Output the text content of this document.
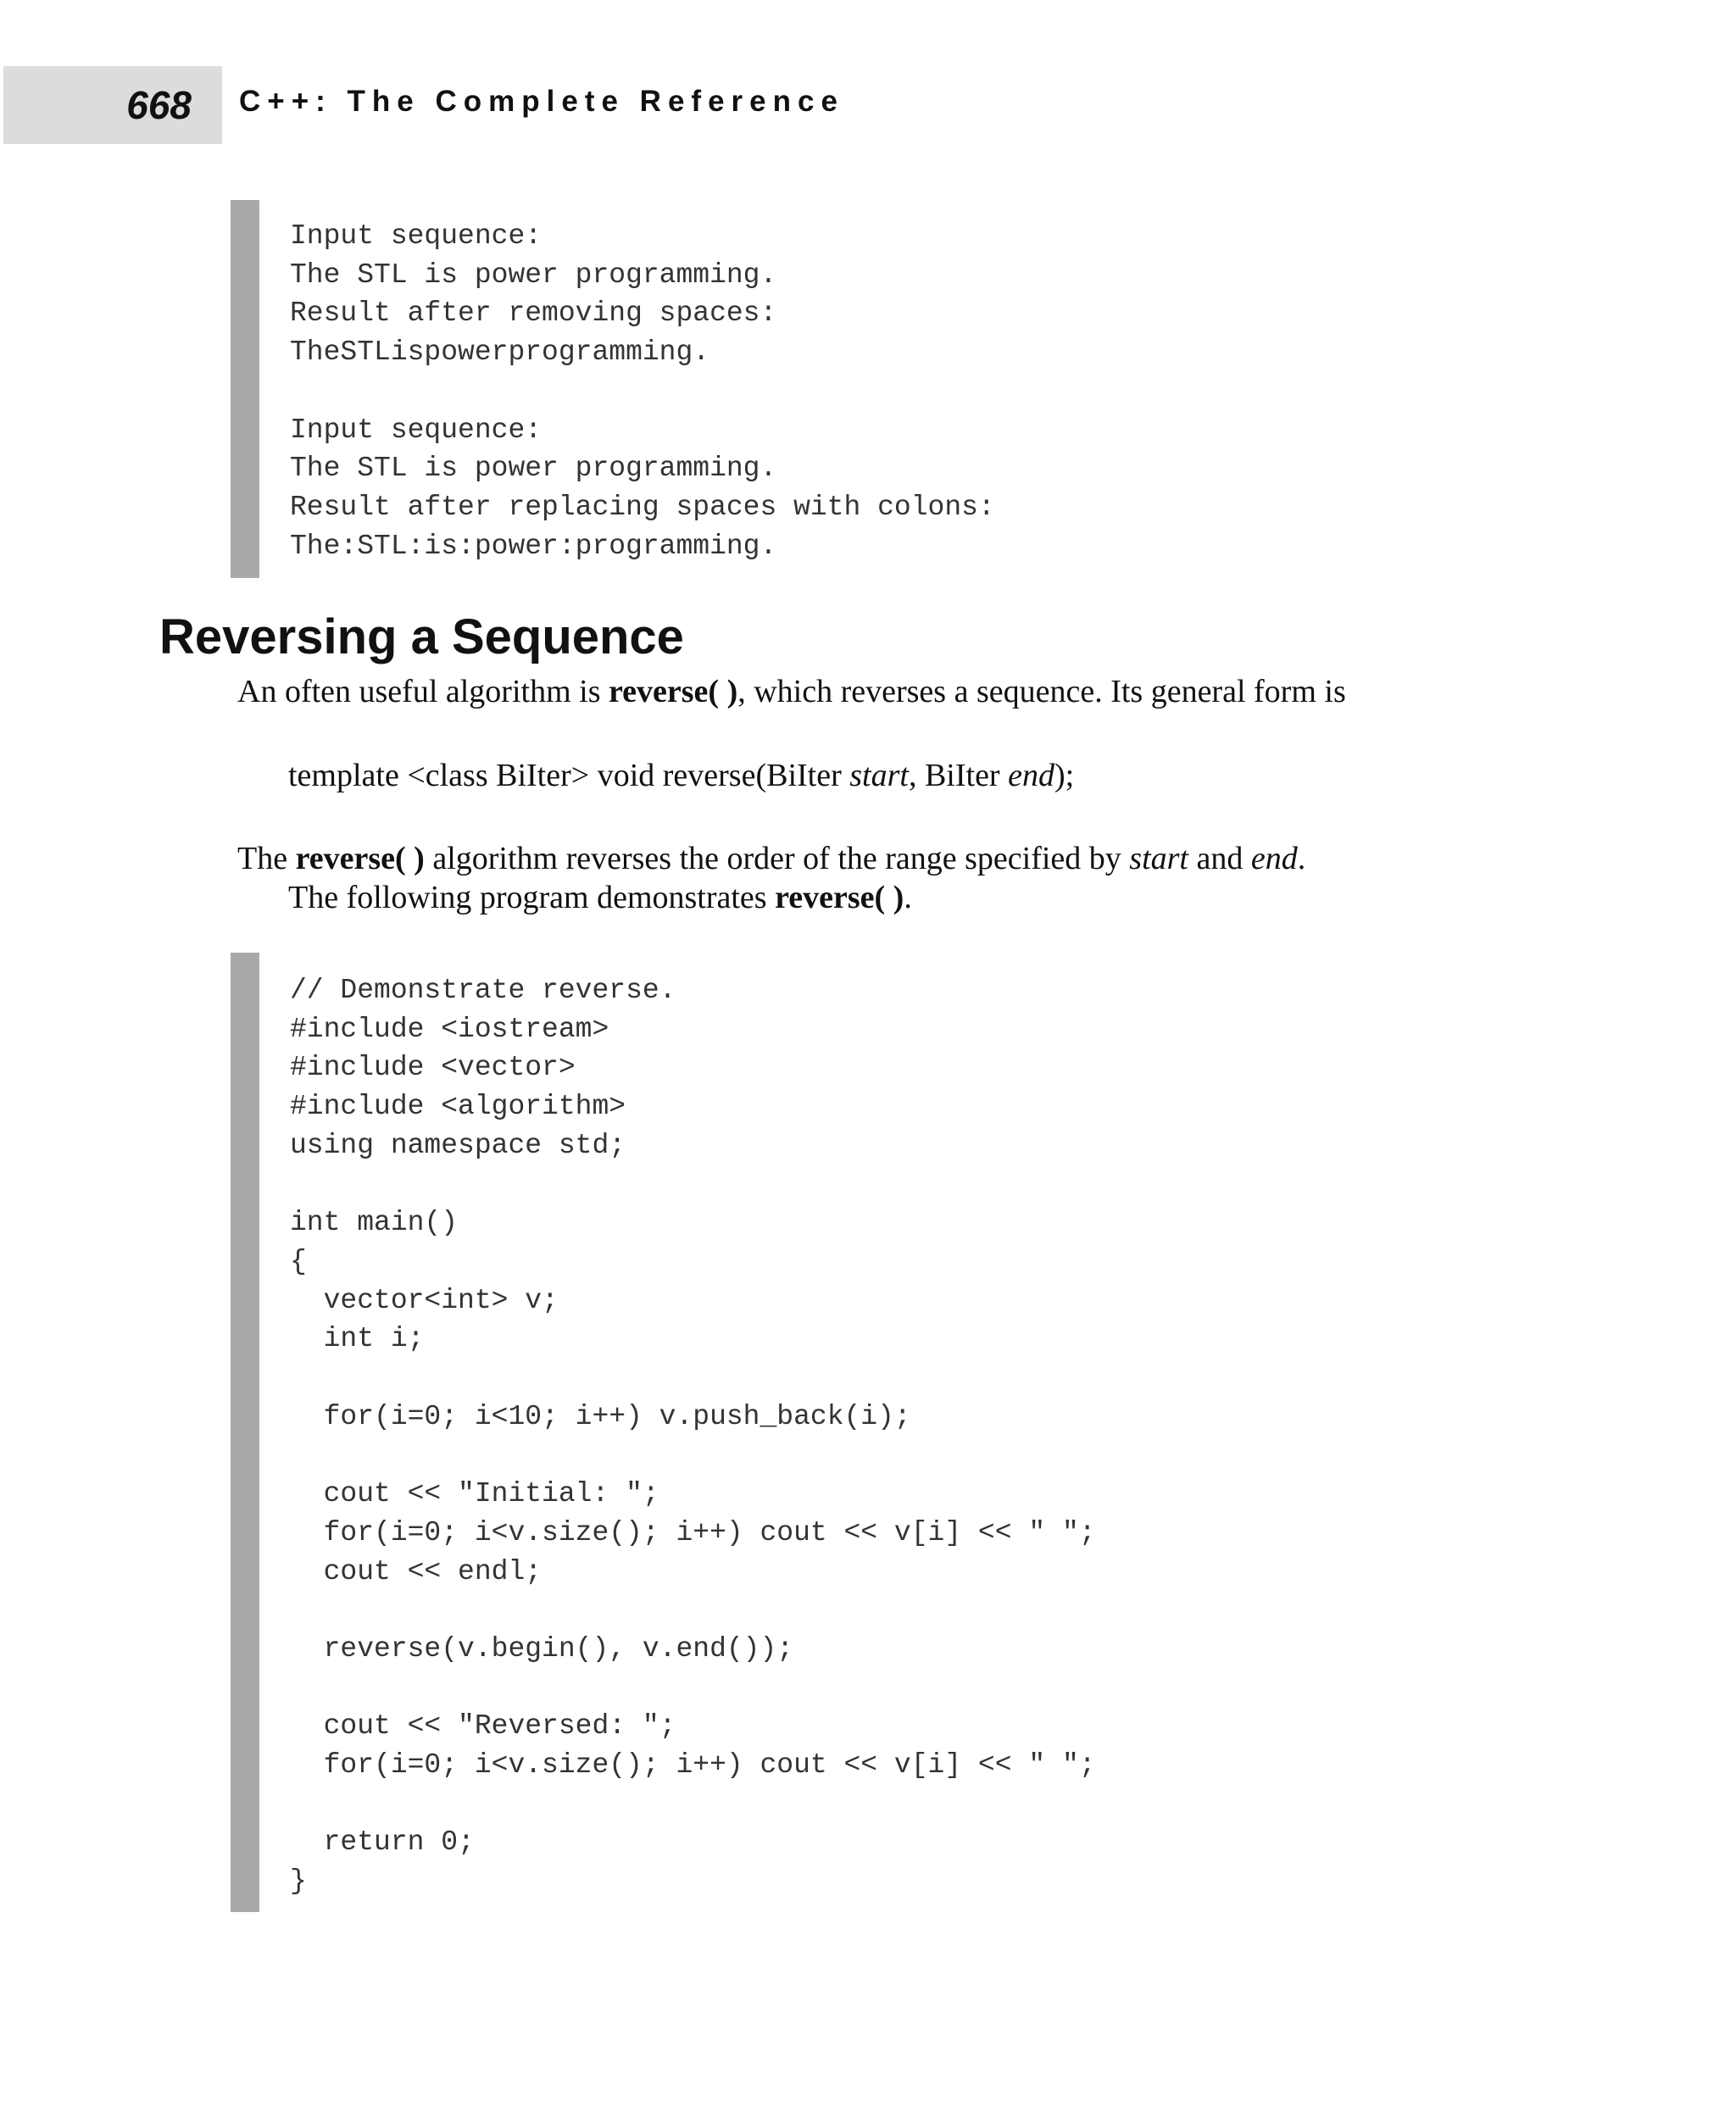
668 C++: The Complete Reference
Input sequence:
The STL is power programming.
Result after removing spaces:
TheSTLispowerprogramming.

Input sequence:
The STL is power programming.
Result after replacing spaces with colons:
The:STL:is:power:programming.
Reversing a Sequence

An often useful algorithm is reverse( ), which reverses a sequence. Its general form is

template <class BiIter> void reverse(BiIter start, BiIter end);

The reverse( ) algorithm reverses the order of the range specified by start and end.

The following program demonstrates reverse( ).

// Demonstrate reverse.
#include <iostream>
#include <vector>
#include <algorithm>
using namespace std;

int main()
{
vector<int> v;
int i;

for(i=0; i<10; i++) v.push_back(i);

cout << "Initial: ";
for(i=0; i<v.size(); i++) cout << v[i] << " ";
cout << endl;

reverse(v.begin(), v.end());

cout << "Reversed: ";
for(i=0; i<v.size(); i++) cout << v[i] << " ";

return 0;
}
